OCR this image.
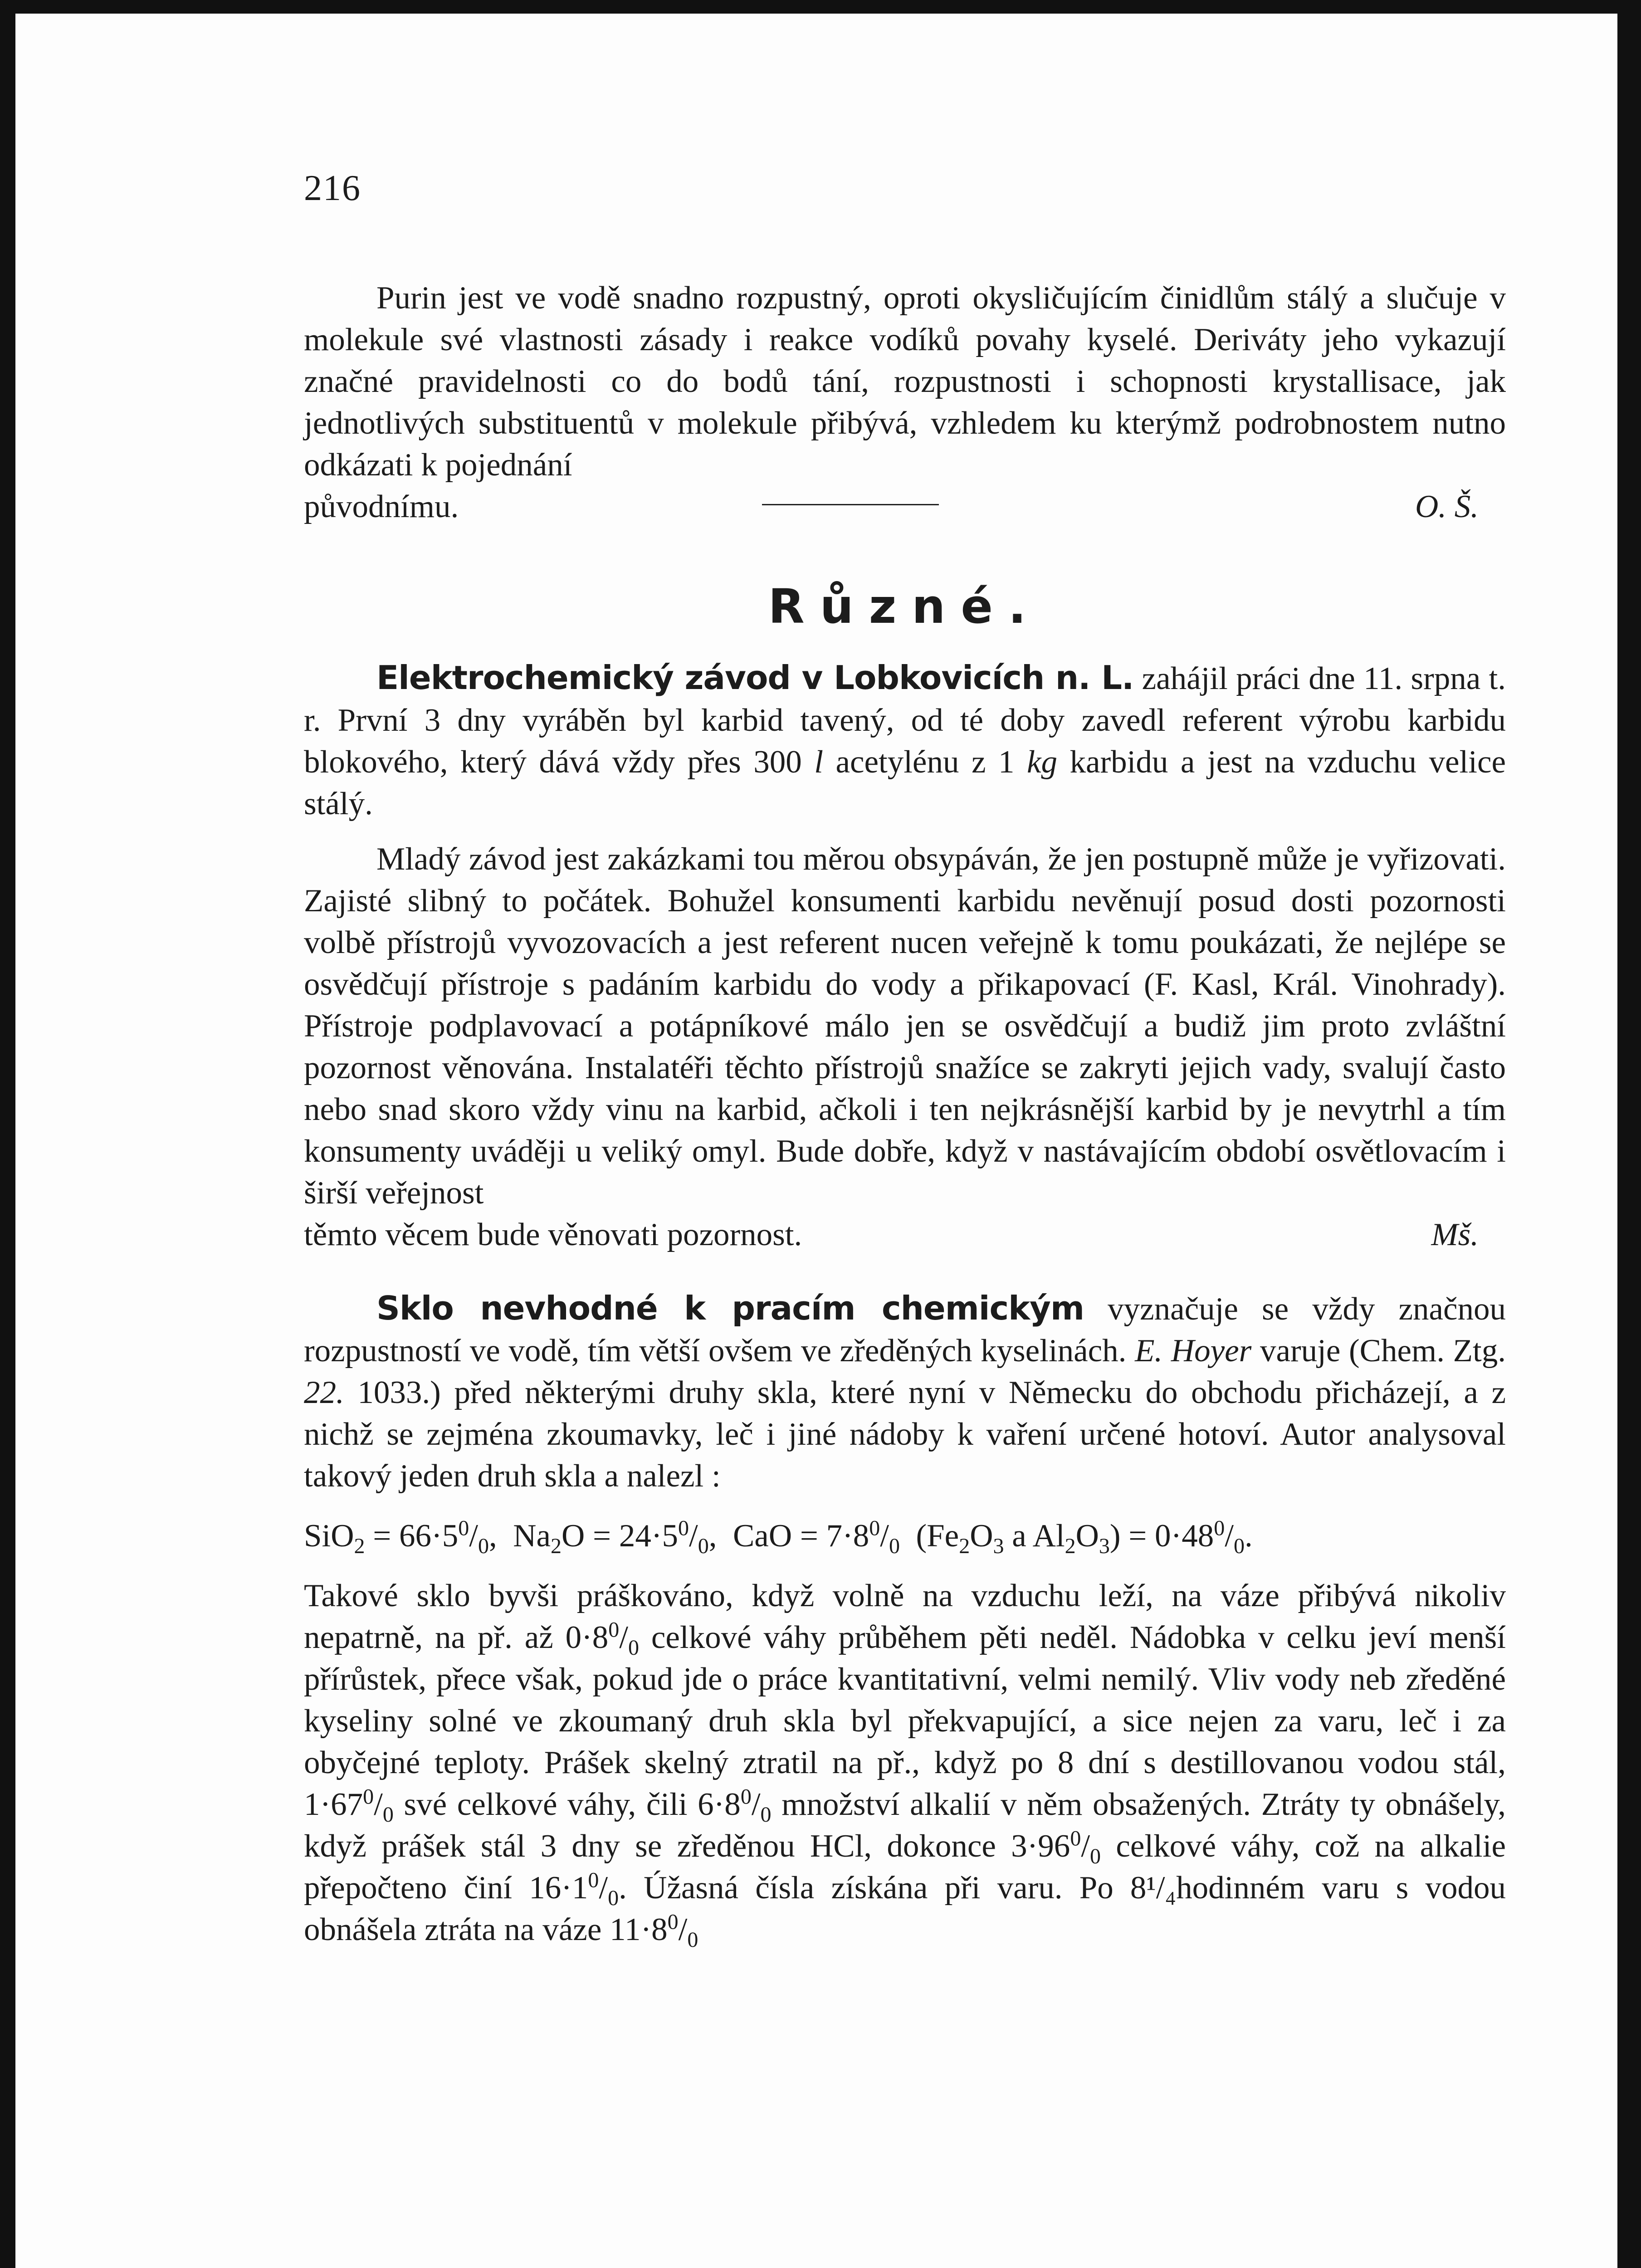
216

Purin jest ve vodě snadno rozpustný, oproti okysličujícím činidlům stálý a slučuje v molekule své vlastnosti zásady i reakce vodíků povahy kyselé. Deriváty jeho vykazují značné pravidelnosti co do bodů tání, rozpustnosti i schopnosti krystallisace, jak jednotlivých substituentů v molekule přibývá, vzhledem ku kterýmž podrobnostem nutno odkázati k pojednání

původnímu.	O. Š.
Různé.

Elektrochemický závod v Lobkovicích n. L. zahájil práci dne 11. srpna t. r. První 3 dny vyráběn byl karbid tavený, od té doby zavedl referent výrobu karbidu blokového, který dává vždy přes 300 l acetylénu z 1 kg karbidu a jest na vzduchu velice stálý.

Mladý závod jest zakázkami tou měrou obsypáván, že jen postupně může je vyřizovati. Zajisté slibný to počátek. Bohužel konsumenti karbidu nevěnují posud dosti pozornosti volbě přístrojů vyvozovacích a jest referent nucen veřejně k tomu poukázati, že nejlépe se osvědčují přístroje s padáním karbidu do vody a přikapovací (F. Kasl, Král. Vinohrady). Přístroje podplavovací a potápníkové málo jen se osvědčují a budiž jim proto zvláštní pozornost věnována. Instalatéři těchto přístrojů snažíce se zakryti jejich vady, svalují často nebo snad skoro vždy vinu na karbid, ačkoli i ten nejkrásnější karbid by je nevytrhl a tím konsumenty uváději u veliký omyl. Bude dobře, když v nastávajícím období osvětlovacím i širší veřejnost

těmto věcem bude věnovati pozornost.	Mš.

Sklo nevhodné k pracím chemickým vyznačuje se vždy značnou rozpustností ve vodě, tím větší ovšem ve zředěných kyselinách. E. Hoyer varuje (Chem. Ztg. 22. 1033.) před některými druhy skla, které nyní v Německu do obchodu přicházejí, a z nichž se zejména zkoumavky, leč i jiné nádoby k vaření určené hotoví. Autor analysoval takový jeden druh skla a nalezl :

$SiO_2 = 66\cdot 5^0/_0$,  $Na_2O = 24\cdot 5^0/_0$,  CaO = $7\cdot 8^0/_0$  ($Fe_2O_3$ a $Al_2O_3) = 0\cdot 48^0/_0$.

Takové sklo byvši práškováno, když volně na vzduchu leží, na váze přibývá nikoliv nepatrně, na př. až $0\cdot 8^0/_0$ celkové váhy průběhem pěti neděl. Nádobka v celku jeví menší přírůstek, přece však, pokud jde o práce kvantitativní, velmi nemilý. Vliv vody neb zředěné kyseliny solné ve zkoumaný druh skla byl překvapující, a sice nejen za varu, leč i za obyčejné teploty. Prášek skelný ztratil na př., když po 8 dní s destillovanou vodou stál, $1\cdot 67^0/_0$ své celkové váhy, čili $6\cdot 8^0/_0$ množství alkalií v něm obsažených. Ztráty ty obnášely, když prášek stál 3 dny se zředěnou HCl, dokonce $3\cdot 96^0/_0$ celkové váhy, což na alkalie přepočteno činí $16\cdot 1^0/_0$. Úžasná čísla získána při varu. Po 8¹/₄hodinném varu s vodou obnášela ztráta na váze $11\cdot 8^0/_0$
